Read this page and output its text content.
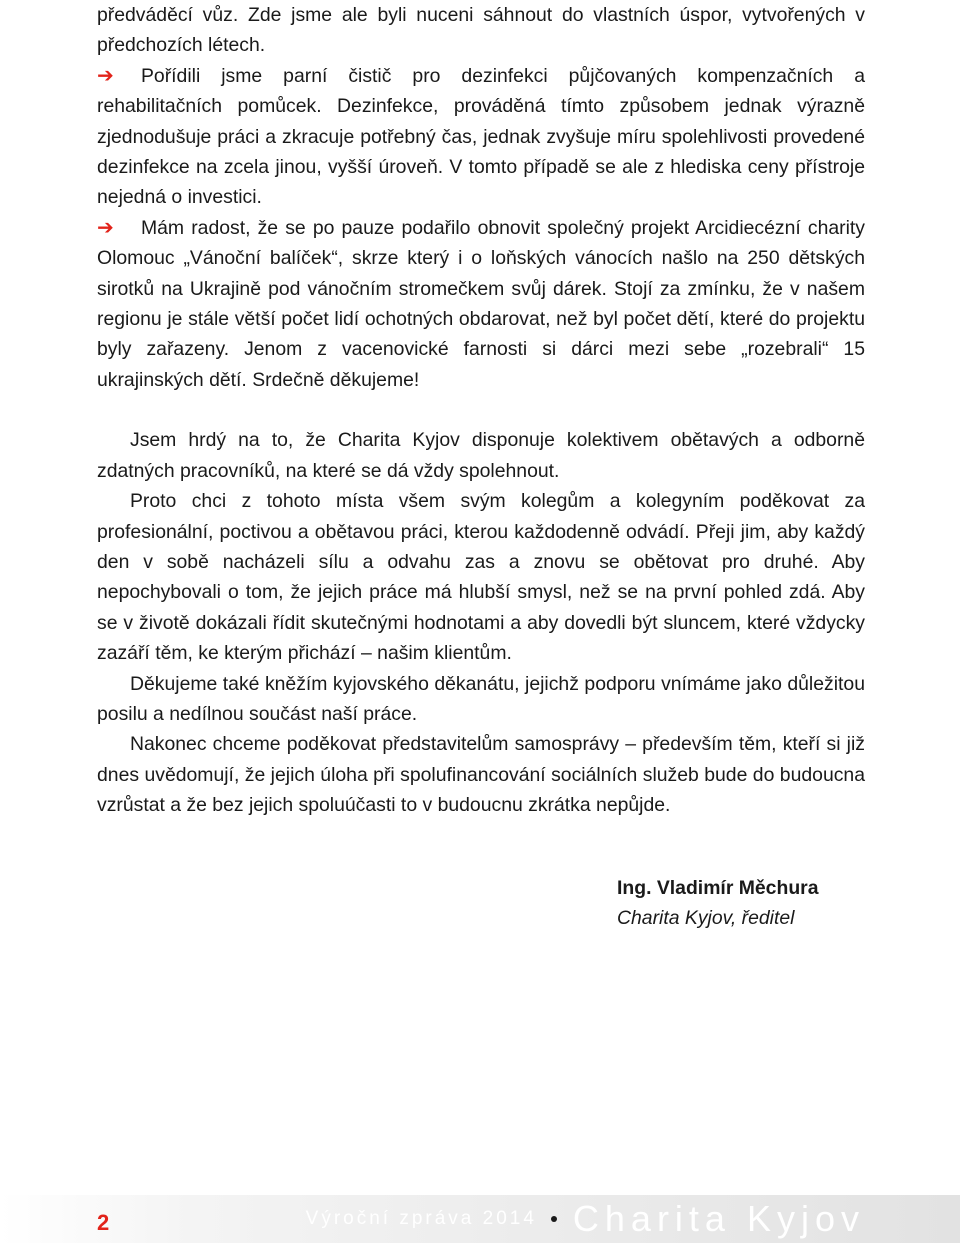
předváděcí vůz. Zde jsme ale byli nuceni sáhnout do vlastních úspor, vytvořených v předchozích létech.

➔ Pořídili jsme parní čistič pro dezinfekci půjčovaných kompenzačních a rehabilitačních pomůcek. Dezinfekce, prováděná tímto způsobem jednak výrazně zjednodušuje práci a zkracuje potřebný čas, jednak zvyšuje míru spolehlivosti provedené dezinfekce na zcela jinou, vyšší úroveň. V tomto případě se ale z hlediska ceny přístroje nejedná o investici.

➔ Mám radost, že se po pauze podařilo obnovit společný projekt Arcidiecézní charity Olomouc „Vánoční balíček“, skrze který i o loňských vánocích našlo na 250 dětských sirotků na Ukrajině pod vánočním stromečkem svůj dárek. Stojí za zmínku, že v našem regionu je stále větší počet lidí ochotných obdarovat, než byl počet dětí, které do projektu byly zařazeny. Jenom z vacenovické farnosti si dárci mezi sebe „rozebrali“ 15 ukrajinských dětí. Srdečně děkujeme!

Jsem hrdý na to, že Charita Kyjov disponuje kolektivem obětavých a odborně zdatných pracovníků, na které se dá vždy spolehnout.

Proto chci z tohoto místa všem svým kolegům a kolegyním poděkovat za profesionální, poctivou a obětavou práci, kterou každodenně odvádí. Přeji jim, aby každý den v sobě nacházeli sílu a odvahu zas a znovu se obětovat pro druhé. Aby nepochybovali o tom, že jejich práce má hlubší smysl, než se na první pohled zdá. Aby se v životě dokázali řídit skutečnými hodnotami a aby dovedli být sluncem, které vždycky zazáří těm, ke kterým přichází – našim klientům.

Děkujeme také kněžím kyjovského děkanátu, jejichž podporu vnímáme jako důležitou posilu a nedílnou součást naší práce.

Nakonec chceme poděkovat představitelům samosprávy – především těm, kteří si již dnes uvědomují, že jejich úloha při spolufinancování sociálních služeb bude do budoucna vzrůstat a že bez jejich spoluúčasti to v budoucnu zkrátka nepůjde.

Ing. Vladimír Měchura
Charita Kyjov, ředitel
2	Výroční zpráva 2014 Charita Kyjov
